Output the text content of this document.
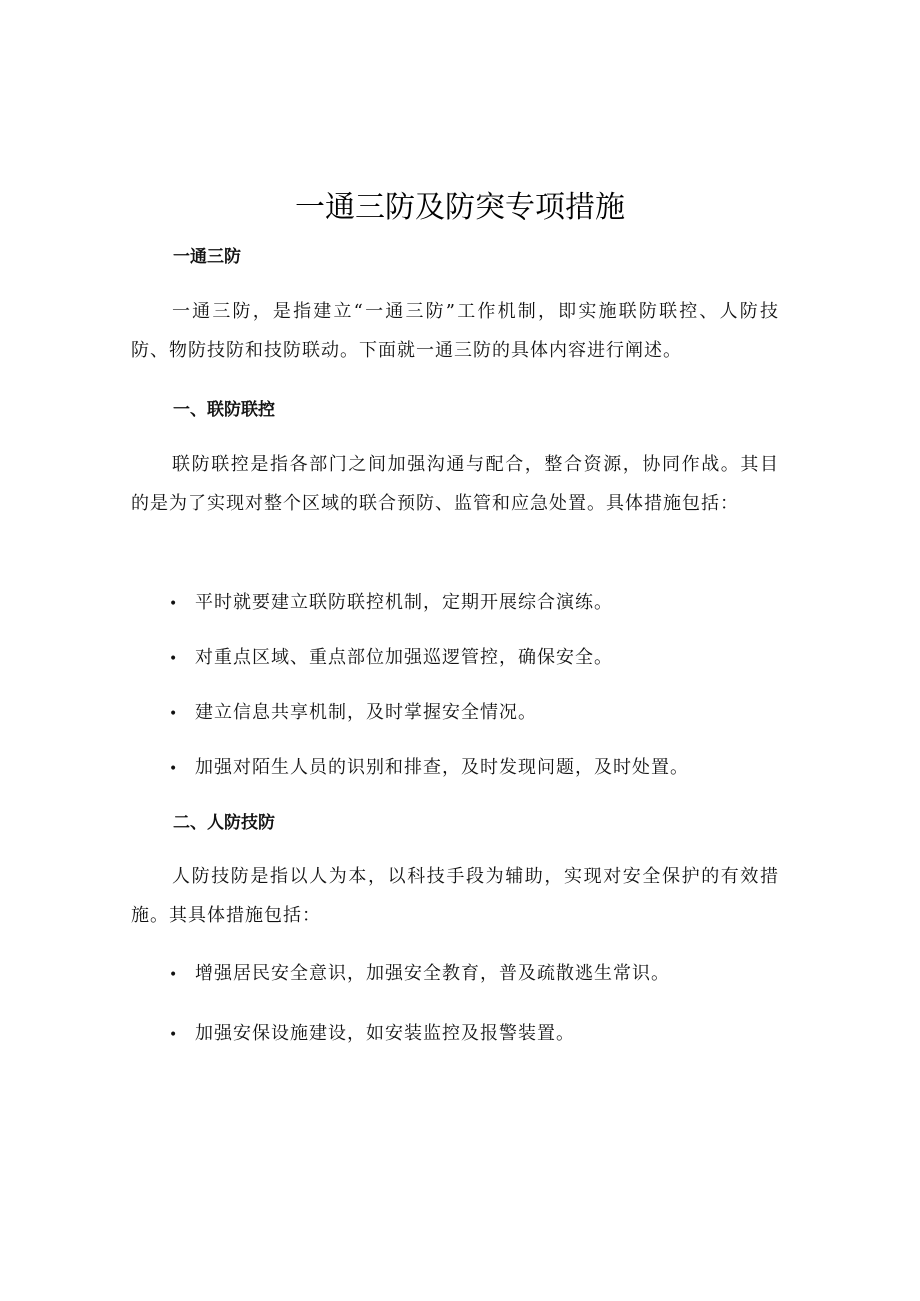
一通三防及防突专项措施
一通三防

一通三防，是指建立“一通三防”工作机制，即实施联防联控、人防技防、物防技防和技防联动。下面就一通三防的具体内容进行阐述。

一、联防联控

联防联控是指各部门之间加强沟通与配合，整合资源，协同作战。其目的是为了实现对整个区域的联合预防、监管和应急处置。具体措施包括：

• 平时就要建立联防联控机制，定期开展综合演练。

• 对重点区域、重点部位加强巡逻管控，确保安全。

• 建立信息共享机制，及时掌握安全情况。

• 加强对陌生人员的识别和排查，及时发现问题，及时处置。

二、人防技防

人防技防是指以人为本，以科技手段为辅助，实现对安全保护的有效措施。其具体措施包括：

• 增强居民安全意识，加强安全教育，普及疏散逃生常识。

• 加强安保设施建设，如安装监控及报警装置。
